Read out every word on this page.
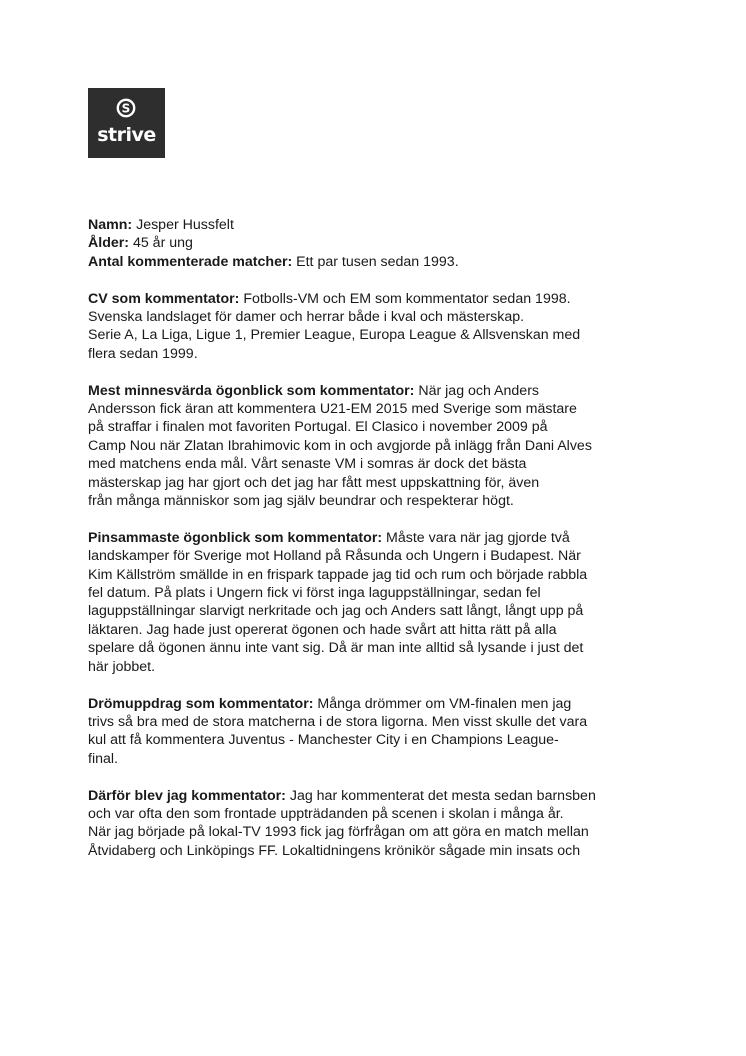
S
strive

Namn: Jesper Hussfelt

Ålder: 45 år ung

Antal kommenterade matcher: Ett par tusen sedan 1993.

CV som kommentator: Fotbolls-VM och EM som kommentator sedan 1998.

Svenska landslaget för damer och herrar både i kval och mästerskap.

Serie A, La Liga, Ligue 1, Premier League, Europa League & Allsvenskan med

flera sedan 1999.

Mest minnesvärda ögonblick som kommentator: När jag och Anders

Andersson fick äran att kommentera U21-EM 2015 med Sverige som mästare

på straffar i finalen mot favoriten Portugal. El Clasico i november 2009 på

Camp Nou när Zlatan Ibrahimovic kom in och avgjorde på inlägg från Dani Alves

med matchens enda mål. Vårt senaste VM i somras är dock det bästa

mästerskap jag har gjort och det jag har fått mest uppskattning för, även

från många människor som jag själv beundrar och respekterar högt.

Pinsammaste ögonblick som kommentator: Måste vara när jag gjorde två

landskamper för Sverige mot Holland på Råsunda och Ungern i Budapest. När

Kim Källström smällde in en frispark tappade jag tid och rum och började rabbla

fel datum. På plats i Ungern fick vi först inga laguppställningar, sedan fel

laguppställningar slarvigt nerkritade och jag och Anders satt långt, långt upp på

läktaren. Jag hade just opererat ögonen och hade svårt att hitta rätt på alla

spelare då ögonen ännu inte vant sig. Då är man inte alltid så lysande i just det

här jobbet.

Drömuppdrag som kommentator: Många drömmer om VM-finalen men jag

trivs så bra med de stora matcherna i de stora ligorna. Men visst skulle det vara

kul att få kommentera Juventus - Manchester City i en Champions League-

final.

Därför blev jag kommentator: Jag har kommenterat det mesta sedan barnsben

och var ofta den som frontade uppträdanden på scenen i skolan i många år.

När jag började på lokal-TV 1993 fick jag förfrågan om att göra en match mellan

Åtvidaberg och Linköpings FF. Lokaltidningens krönikör sågade min insats och
